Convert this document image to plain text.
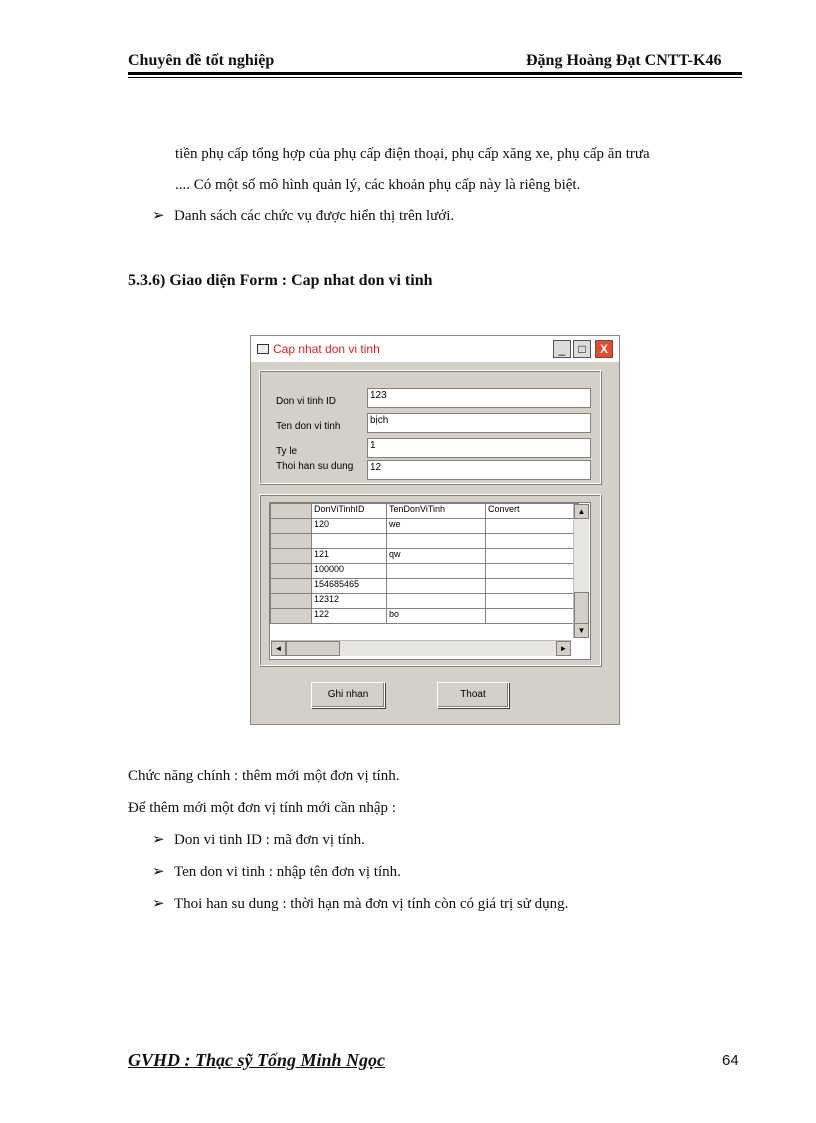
Chuyên đề tốt nghiệp	Đặng Hoàng Đạt CNTT-K46
tiền phụ cấp tổng hợp của phụ cấp điện thoại, phụ cấp xăng xe, phụ cấp ăn trưa
.... Có một số mô hình quản lý, các khoản phụ cấp này là riêng biệt.
➢ Danh sách các chức vụ được hiển thị trên lưới.
5.3.6) Giao diện Form : Cap nhat don vi tinh
Cap nhat don vi tinh	_	□	X
Don vi tinh ID
123
Ten don vi tinh
bịch
Ty le
1
Thoi han su dung	12
	DonViTinhID	TenDonViTinh	Convert
	120	we	

	121	qw	
	100000		
	154685465		
	12312		
	122	bo	
▲
▼
◄	►
Ghi nhan	Thoat
Chức năng chính : thêm mới một đơn vị tính.
Để thêm mới một đơn vị tính mới cần nhập :
➢ Don vi tinh ID : mã đơn vị tính.
➢ Ten don vi tinh : nhập tên đơn vị tính.
➢ Thoi han su dung : thời hạn mà đơn vị tính còn có giá trị sử dụng.
GVHD : Thạc sỹ Tống Minh Ngọc	64
